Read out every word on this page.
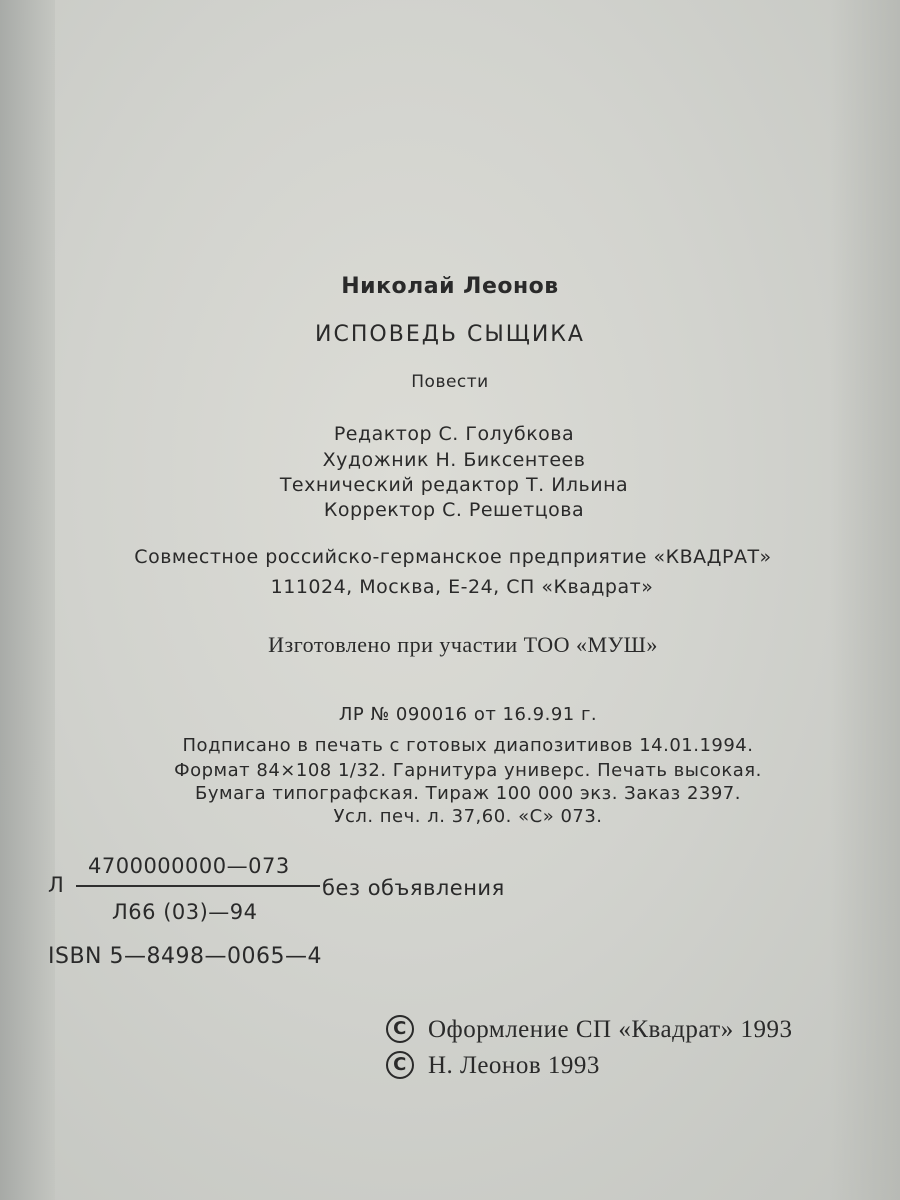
Николай Леонов
ИСПОВЕДЬ СЫЩИКА
Повести
Редактор С. Голубкова
Художник Н. Биксентеев
Технический редактор Т. Ильина
Корректор С. Решетцова
Совместное российско-германское предприятие «КВАДРАТ»
111024, Москва, Е-24, СП «Квадрат»
Изготовлено при участии ТОО «МУШ»
ЛР № 090016 от 16.9.91 г.
Подписано в печать с готовых диапозитивов 14.01.1994.
Формат 84×108 1/32. Гарнитура универс. Печать высокая.
Бумага типографская. Тираж 100 000 экз. Заказ 2397.
Усл. печ. л. 37,60. «С» 073.
Л
4700000000—073
Л66 (03)—94
без объявления
ISBN 5—8498—0065—4
C Оформление СП «Квадрат» 1993
C Н. Леонов 1993
